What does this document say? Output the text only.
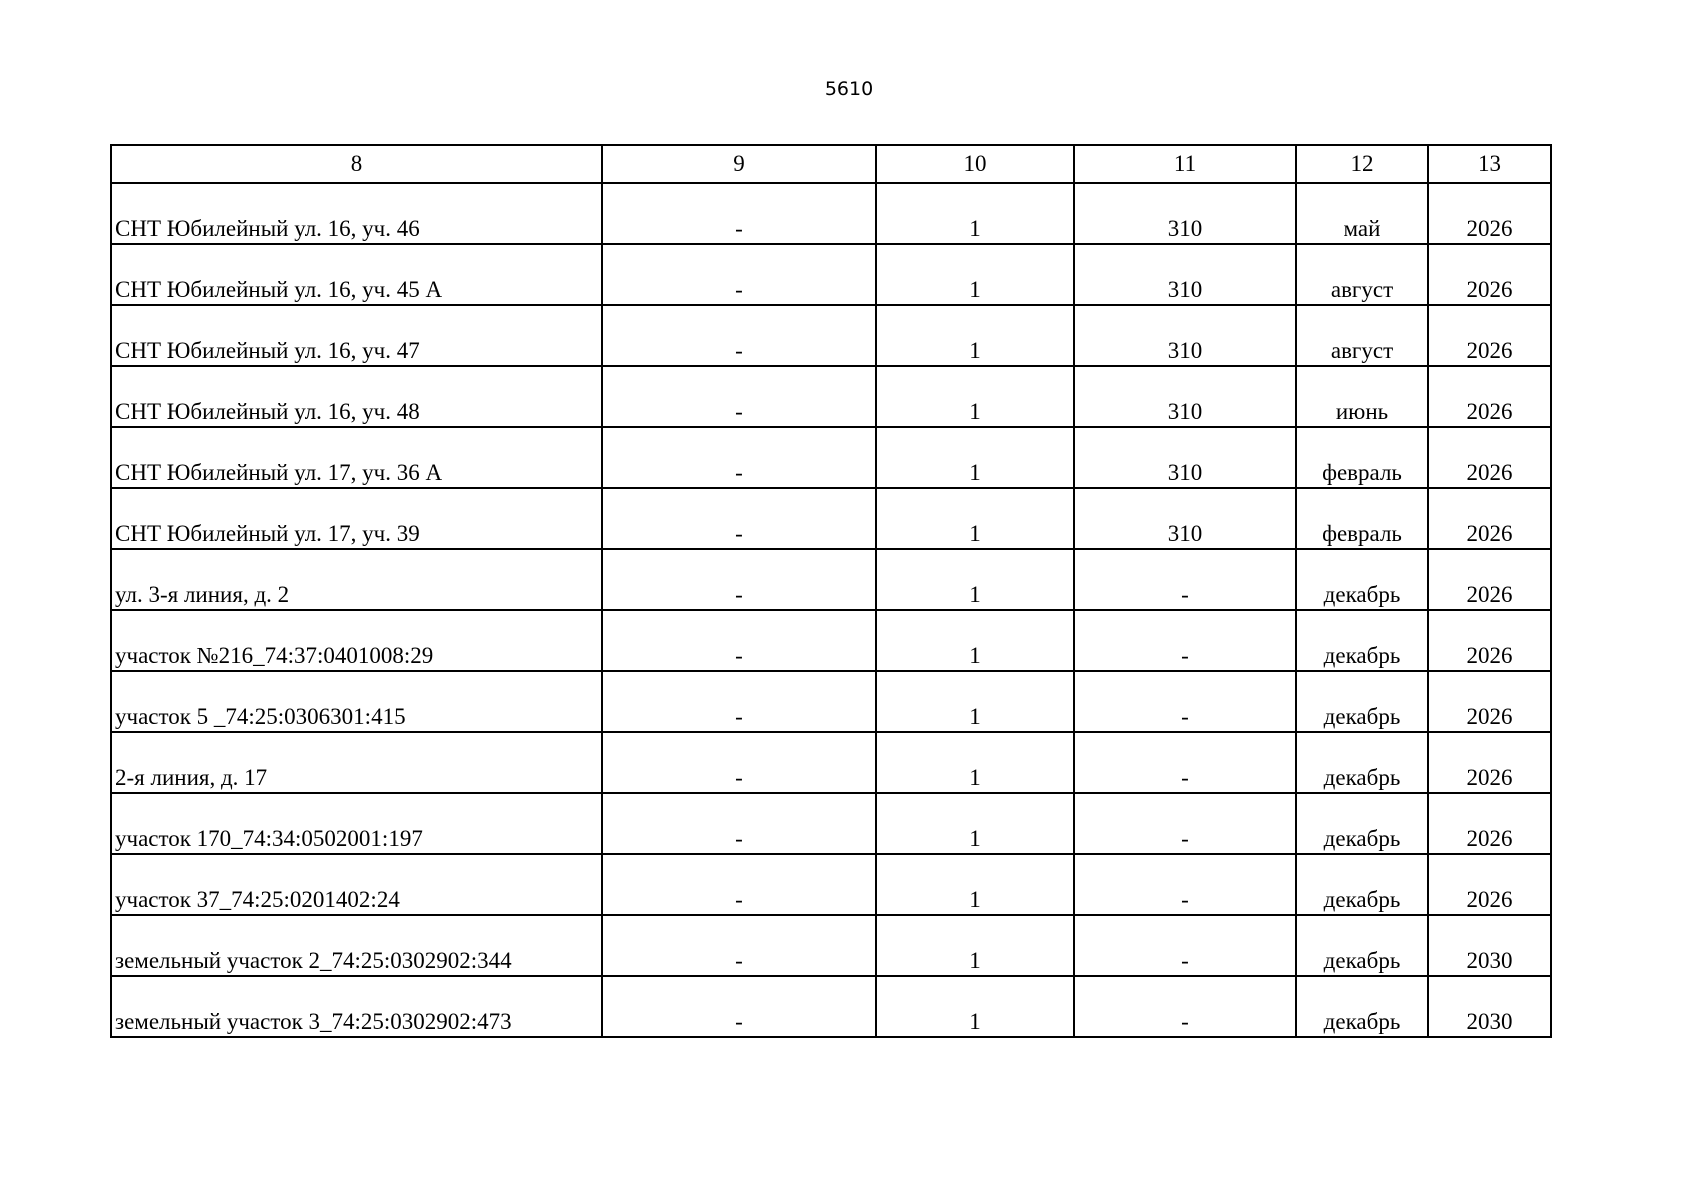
5610
8	9	10	11	12	13
СНТ Юбилейный ул. 16, уч. 46	-	1	310	май	2026
СНТ Юбилейный ул. 16, уч. 45 А	-	1	310	август	2026
СНТ Юбилейный ул. 16, уч. 47	-	1	310	август	2026
СНТ Юбилейный ул. 16, уч. 48	-	1	310	июнь	2026
СНТ Юбилейный ул. 17, уч. 36 А	-	1	310	февраль	2026
СНТ Юбилейный ул. 17, уч. 39	-	1	310	февраль	2026
ул. 3-я линия, д. 2	-	1	-	декабрь	2026
участок №216_74:37:0401008:29	-	1	-	декабрь	2026
участок 5 _74:25:0306301:415	-	1	-	декабрь	2026
2-я линия, д. 17	-	1	-	декабрь	2026
участок 170_74:34:0502001:197	-	1	-	декабрь	2026
участок 37_74:25:0201402:24	-	1	-	декабрь	2026
земельный участок 2_74:25:0302902:344	-	1	-	декабрь	2030
земельный участок 3_74:25:0302902:473	-	1	-	декабрь	2030
